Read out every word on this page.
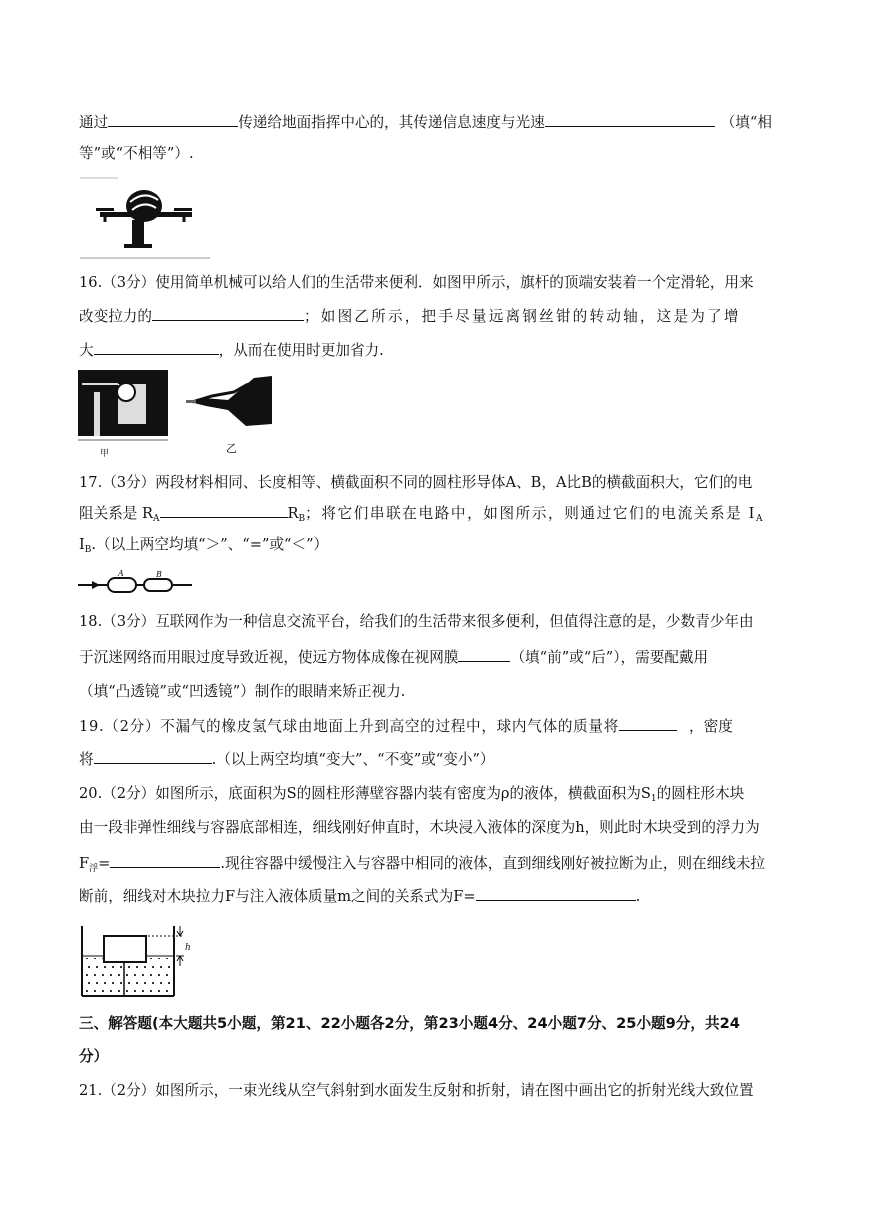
通过	传递给地面指挥中心的，其传递信息速度与光速	（填“相
等”或“不相等”）.
16.（3分）使用简单机械可以给人们的生活带来便利．如图甲所示，旗杆的顶端安装着一个定滑轮，用来
改变拉力的	；如图乙所示，把手尽量远离钢丝钳的转动轴，这是为了增
大	，从而在使用时更加省力.
甲	乙
17.（3分）两段材料相同、长度相等、横截面积不同的圆柱形导体A、B，A比B的横截面积大，它们的电
阻关系是 $R_A$	$R_B$；将它们串联在电路中，如图所示，则通过它们的电流关系是 $I_A$
$I_B$.（以上两空均填“＞”、“=”或“＜”）
A	B
18.（3分）互联网作为一种信息交流平台，给我们的生活带来很多便利，但值得注意的是，少数青少年由
于沉迷网络而用眼过度导致近视，使远方物体成像在视网膜	（填“前”或“后”），需要配戴用
（填“凸透镜”或“凹透镜”）制作的眼睛来矫正视力.
19.（2分）不漏气的橡皮氢气球由地面上升到高空的过程中，球内气体的质量将	，密度
将	.（以上两空均填“变大”、“不变”或“变小”）
20.（2分）如图所示，底面积为S的圆柱形薄壁容器内装有密度为ρ的液体，横截面积为$S_1$的圆柱形木块
由一段非弹性细线与容器底部相连，细线刚好伸直时，木块浸入液体的深度为h，则此时木块受到的浮力为
$F_浮=$	.现往容器中缓慢注入与容器中相同的液体，直到细线刚好被拉断为止，则在细线未拉
断前，细线对木块拉力F与注入液体质量m之间的关系式为F=	.
h
三、解答题(本大题共5小题，第21、22小题各2分，第23小题4分、24小题7分、25小题9分，共24
分）
21.（2分）如图所示，一束光线从空气斜射到水面发生反射和折射，请在图中画出它的折射光线大致位置
